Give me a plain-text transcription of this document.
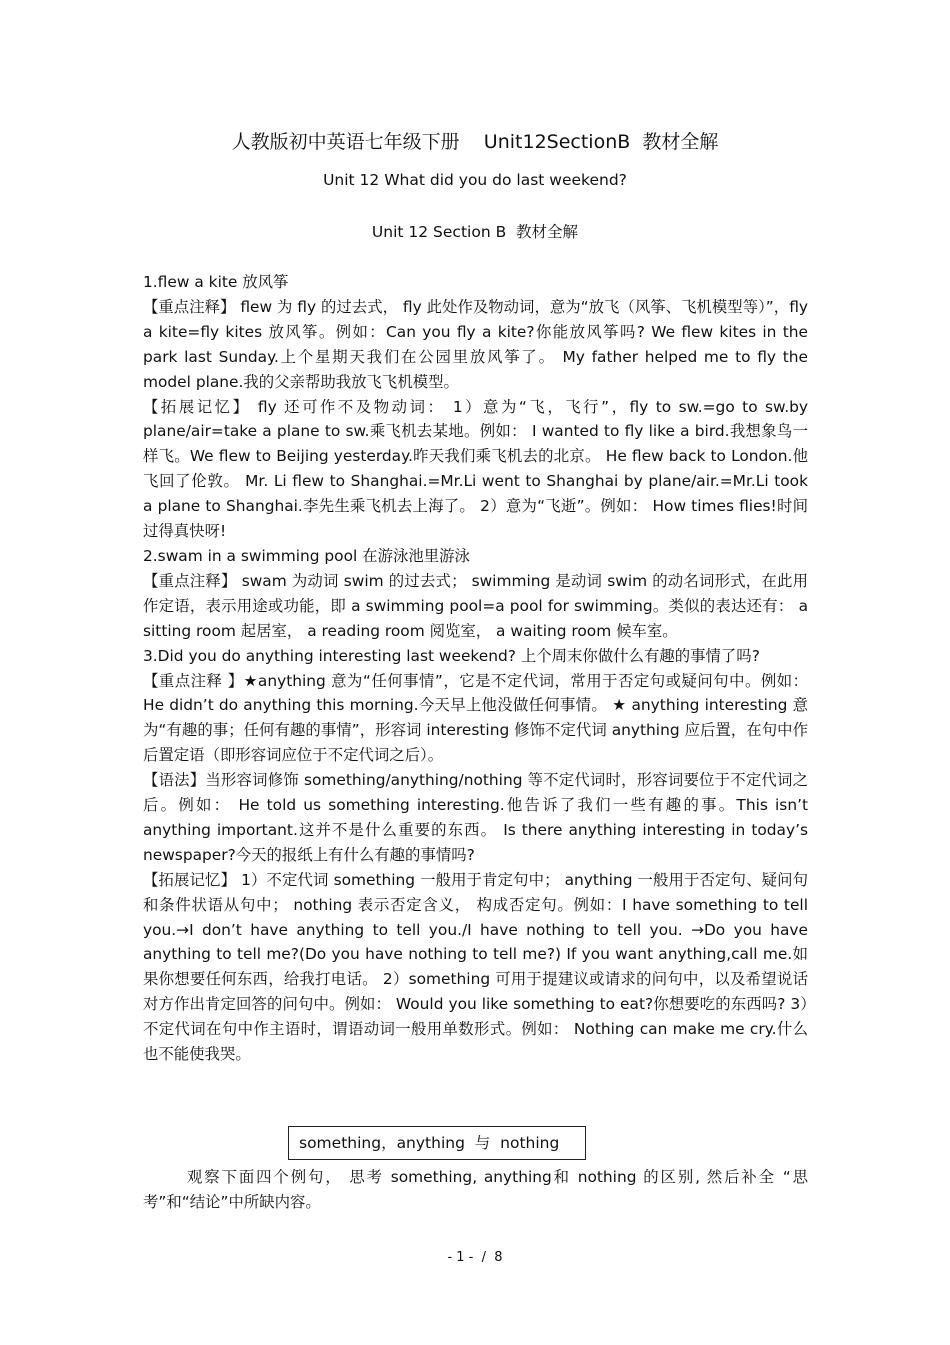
人教版初中英语七年级下册    Unit12SectionB  教材全解
Unit 12 What did you do last weekend?
Unit 12 Section B  教材全解

1.flew a kite 放风筝

【重点注释】 flew 为 fly 的过去式， fly 此处作及物动词，意为“放飞（风筝、飞机模型等）”，fly a kite=fly kites 放风筝。例如：Can you fly a kite?你能放风筝吗? We flew kites in the park last Sunday.上个星期天我们在公园里放风筝了。 My father helped me to fly the model plane.我的父亲帮助我放飞飞机模型。

【拓展记忆】 fly 还可作不及物动词： 1）意为“飞，飞行”，fly to sw.=go to sw.by plane/air=take a plane to sw.乘飞机去某地。例如： I wanted to fly like a bird.我想象鸟一样飞。We flew to Beijing yesterday.昨天我们乘飞机去的北京。 He flew back to London.他飞回了伦敦。 Mr. Li flew to Shanghai.=Mr.Li went to Shanghai by plane/air.=Mr.Li took a plane to Shanghai.李先生乘飞机去上海了。 2）意为“飞逝”。例如： How times flies!时间过得真快呀!

2.swam in a swimming pool 在游泳池里游泳

【重点注释】 swam 为动词 swim 的过去式； swimming 是动词 swim 的动名词形式，在此用作定语，表示用途或功能，即 a swimming pool=a pool for swimming。类似的表达还有： a sitting room 起居室， a reading room 阅览室， a waiting room 候车室。

3.Did you do anything interesting last weekend? 上个周末你做什么有趣的事情了吗?

【重点注释 】★anything 意为“任何事情”，它是不定代词，常用于否定句或疑问句中。例如：He didn’t do anything this morning.今天早上他没做任何事情。 ★ anything interesting 意为“有趣的事；任何有趣的事情”，形容词 interesting 修饰不定代词 anything 应后置，在句中作后置定语（即形容词应位于不定代词之后）。

【语法】当形容词修饰 something/anything/nothing 等不定代词时，形容词要位于不定代词之后。例如： He told us something interesting.他告诉了我们一些有趣的事。This isn’t anything important.这并不是什么重要的东西。 Is there anything interesting in today’s newspaper?今天的报纸上有什么有趣的事情吗?

【拓展记忆】 1）不定代词 something 一般用于肯定句中； anything 一般用于否定句、疑问句和条件状语从句中； nothing 表示否定含义， 构成否定句。例如：I have something to tell you.→I don’t have anything to tell you./I have nothing to tell you. →Do you have anything to tell me?(Do you have nothing to tell me?) If you want anything,call me.如果你想要任何东西，给我打电话。 2）something 可用于提建议或请求的问句中，以及希望说话对方作出肯定回答的问句中。例如： Would you like something to eat?你想要吃的东西吗? 3）不定代词在句中作主语时，谓语动词一般用单数形式。例如： Nothing can make me cry.什么也不能使我哭。

something，anything  与  nothing
观察下面四个例句， 思考 something, anything和 nothing 的区别, 然后补全 “思考”和“结论”中所缺内容。
- 1 -  /  8
